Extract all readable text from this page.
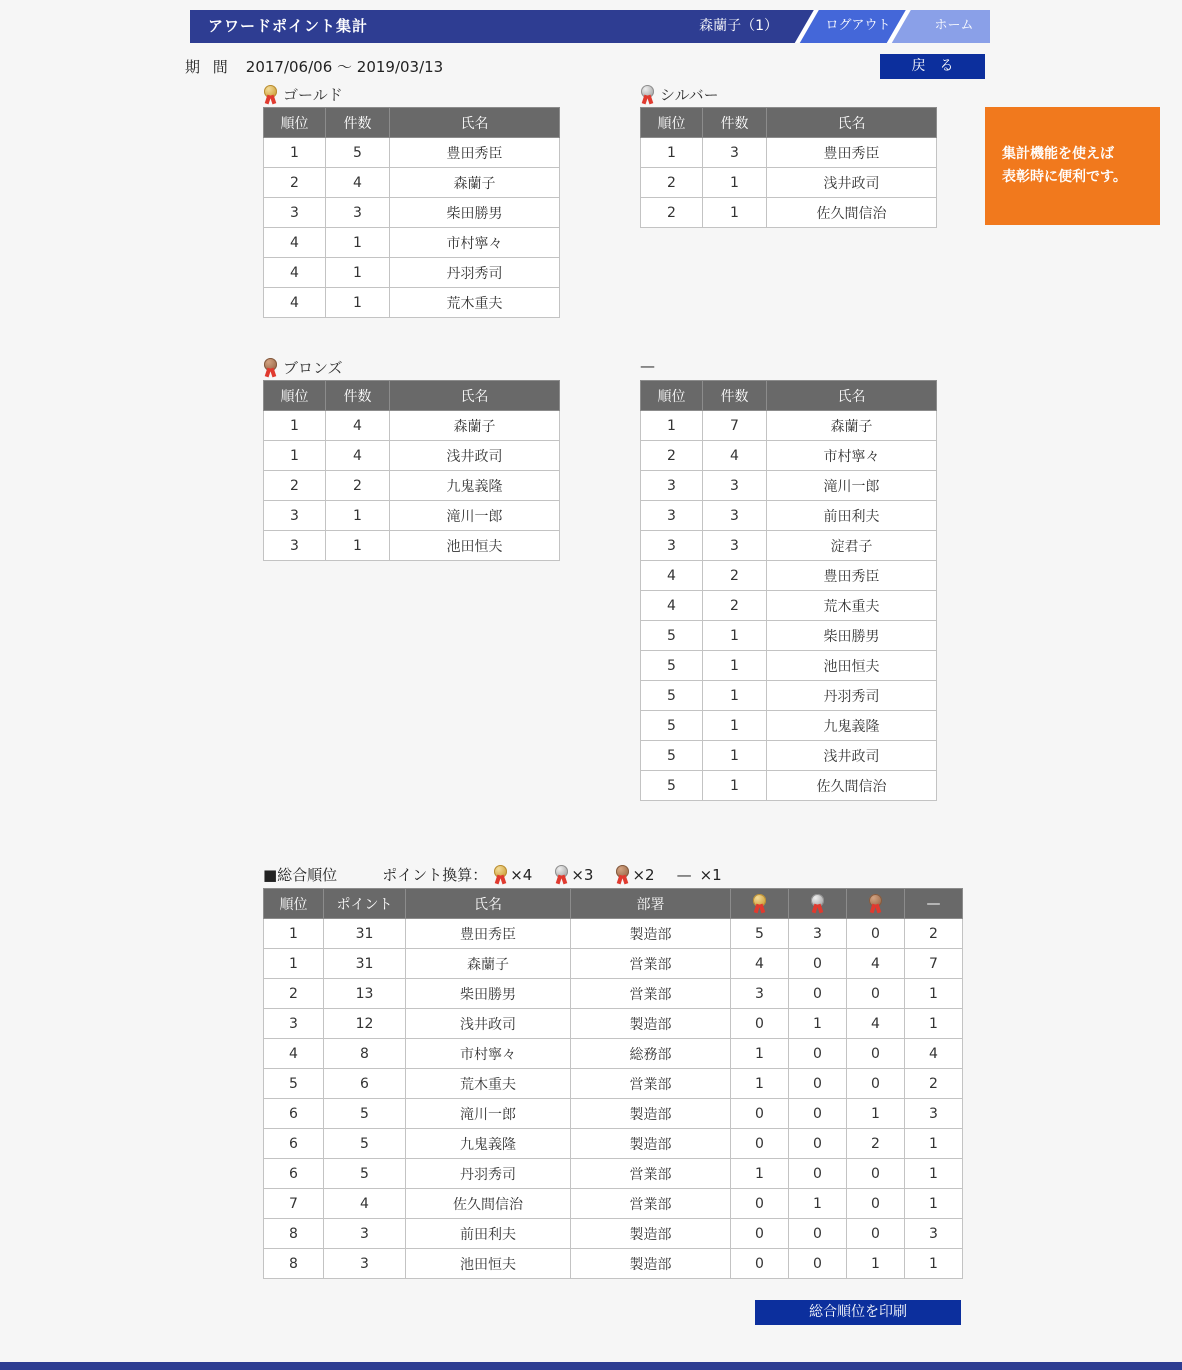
アワードポイント集計	森蘭子（1）	ログアウト	ホーム
期 間 2017/06/06 ～ 2019/03/13	戻　る
ゴールド
順位	件数	氏名
1	5	豊田秀臣
2	4	森蘭子
3	3	柴田勝男
4	1	市村寧々
4	1	丹羽秀司
4	1	荒木重夫
シルバー
順位	件数	氏名
1	3	豊田秀臣
2	1	浅井政司
2	1	佐久間信治
集計機能を使えば
表彰時に便利です。
ブロンズ
順位	件数	氏名
1	4	森蘭子
1	4	浅井政司
2	2	九鬼義隆
3	1	滝川一郎
3	1	池田恒夫
—
順位	件数	氏名
1	7	森蘭子
2	4	市村寧々
3	3	滝川一郎
3	3	前田利夫
3	3	淀君子
4	2	豊田秀臣
4	2	荒木重夫
5	1	柴田勝男
5	1	池田恒夫
5	1	丹羽秀司
5	1	九鬼義隆
5	1	浅井政司
5	1	佐久間信治
■総合順位	ポイント換算： ×4	×3	×2 — ×1
順位	ポイント	氏名	部署				—
1	31	豊田秀臣	製造部	5	3	0	2
1	31	森蘭子	営業部	4	0	4	7
2	13	柴田勝男	営業部	3	0	0	1
3	12	浅井政司	製造部	0	1	4	1
4	8	市村寧々	総務部	1	0	0	4
5	6	荒木重夫	営業部	1	0	0	2
6	5	滝川一郎	製造部	0	0	1	3
6	5	九鬼義隆	製造部	0	0	2	1
6	5	丹羽秀司	営業部	1	0	0	1
7	4	佐久間信治	営業部	0	1	0	1
8	3	前田利夫	製造部	0	0	0	3
8	3	池田恒夫	製造部	0	0	1	1
総合順位を印刷
